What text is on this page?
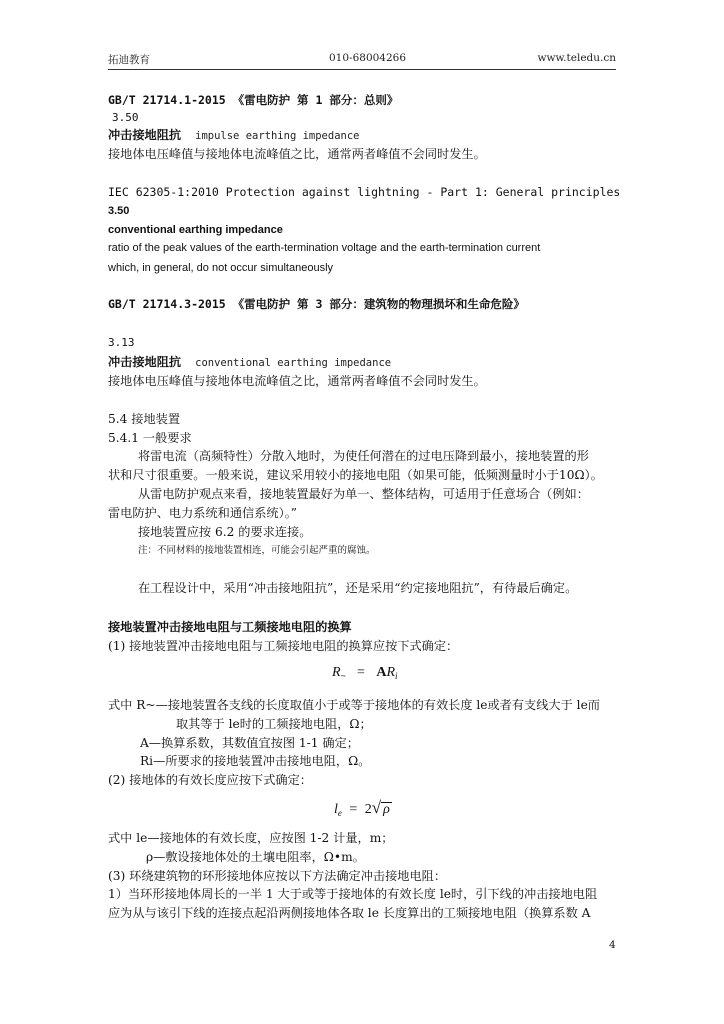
拓迪教育	010-68004266	www.teledu.cn
GB/T 21714.1-2015 《雷电防护 第 1 部分：总则》
3.50
冲击接地阻抗 impulse earthing impedance
接地体电压峰值与接地体电流峰值之比，通常两者峰值不会同时发生。
IEC 62305-1:2010 Protection against lightning - Part 1: General principles
3.50
conventional earthing impedance
ratio of the peak values of the earth-termination voltage and the earth-termination current
which, in general, do not occur simultaneously
GB/T 21714.3-2015 《雷电防护 第 3 部分：建筑物的物理损坏和生命危险》
3.13
冲击接地阻抗 conventional earthing impedance
接地体电压峰值与接地体电流峰值之比，通常两者峰值不会同时发生。
5.4 接地装置
5.4.1 一般要求
将雷电流（高频特性）分散入地时，为使任何潜在的过电压降到最小，接地装置的形
状和尺寸很重要。一般来说，建议采用较小的接地电阻（如果可能，低频测量时小于10Ω）。
从雷电防护观点来看，接地装置最好为单一、整体结构，可适用于任意场合（例如：
雷电防护、电力系统和通信系统）。”
接地装置应按 6.2 的要求连接。
注：不同材料的接地装置相连，可能会引起严重的腐蚀。
在工程设计中，采用“冲击接地阻抗”，还是采用“约定接地阻抗”，有待最后确定。
接地装置冲击接地电阻与工频接地电阻的换算
(1) 接地装置冲击接地电阻与工频接地电阻的换算应按下式确定：
$R_\sim = AR_i$
式中 R~—接地装置各支线的长度取值小于或等于接地体的有效长度 le或者有支线大于 le而
取其等于 le时的工频接地电阻，Ω；
A—换算系数，其数值宜按图 1-1 确定；
Ri—所要求的接地装置冲击接地电阻，Ω。
(2) 接地体的有效长度应按下式确定：
$l_e = 2√$ ρ
式中 le—接地体的有效长度，应按图 1-2 计量，m；
ρ—敷设接地体处的土壤电阻率，Ω•m。
(3) 环绕建筑物的环形接地体应按以下方法确定冲击接地电阻：
1）当环形接地体周长的一半 1 大于或等于接地体的有效长度 le时，引下线的冲击接地电阻
应为从与该引下线的连接点起沿两侧接地体各取 le 长度算出的工频接地电阻（换算系数 A
4
